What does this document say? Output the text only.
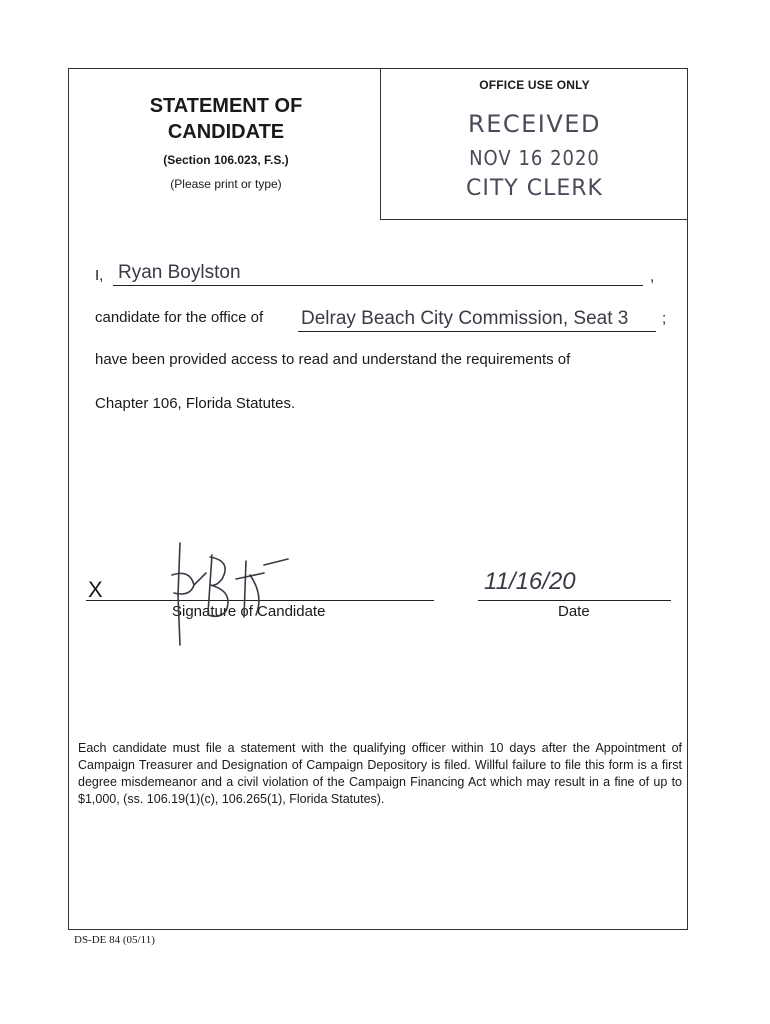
OFFICE USE ONLY
RECEIVED
NOV 16 2020
CITY CLERK
STATEMENT OF
CANDIDATE
(Section 106.023, F.S.)
(Please print or type)
I, Ryan Boylston	,
candidate for the office of Delray Beach City Commission, Seat 3 ;
have been provided access to read and understand the requirements of
Chapter 106, Florida Statutes.
X
Signature of Candidate
11/16/20
Date
Each candidate must file a statement with the qualifying officer within 10 days after the Appointment of Campaign Treasurer and Designation of Campaign Depository is filed. Willful failure to file this form is a first degree misdemeanor and a civil violation of the Campaign Financing Act which may result in a fine of up to $1,000, (ss. 106.19(1)(c), 106.265(1), Florida Statutes).
DS-DE 84 (05/11)
